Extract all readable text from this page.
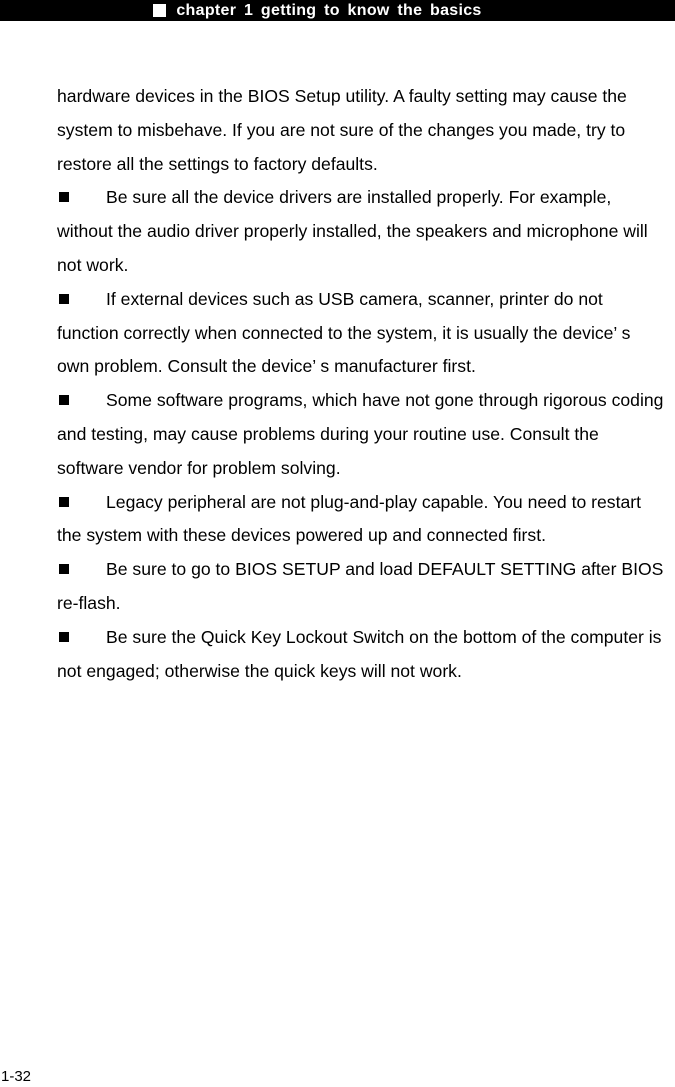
chapter 1 getting to know the basics

hardware devices in the BIOS Setup utility. A faulty setting may cause the system to misbehave. If you are not sure of the changes you made, try to restore all the settings to factory defaults.

Be sure all the device drivers are installed properly. For example, without the audio driver properly installed, the speakers and microphone will not work.

If external devices such as USB camera, scanner, printer do not function correctly when connected to the system, it is usually the device’ s own problem. Consult the device’ s manufacturer first.

Some software programs, which have not gone through rigorous coding and testing, may cause problems during your routine use. Consult the software vendor for problem solving.

Legacy peripheral are not plug-and-play capable. You need to restart the system with these devices powered up and connected first.

Be sure to go to BIOS SETUP and load DEFAULT SETTING after BIOS re-flash.

Be sure the Quick Key Lockout Switch on the bottom of the computer is not engaged; otherwise the quick keys will not work.

1-32
